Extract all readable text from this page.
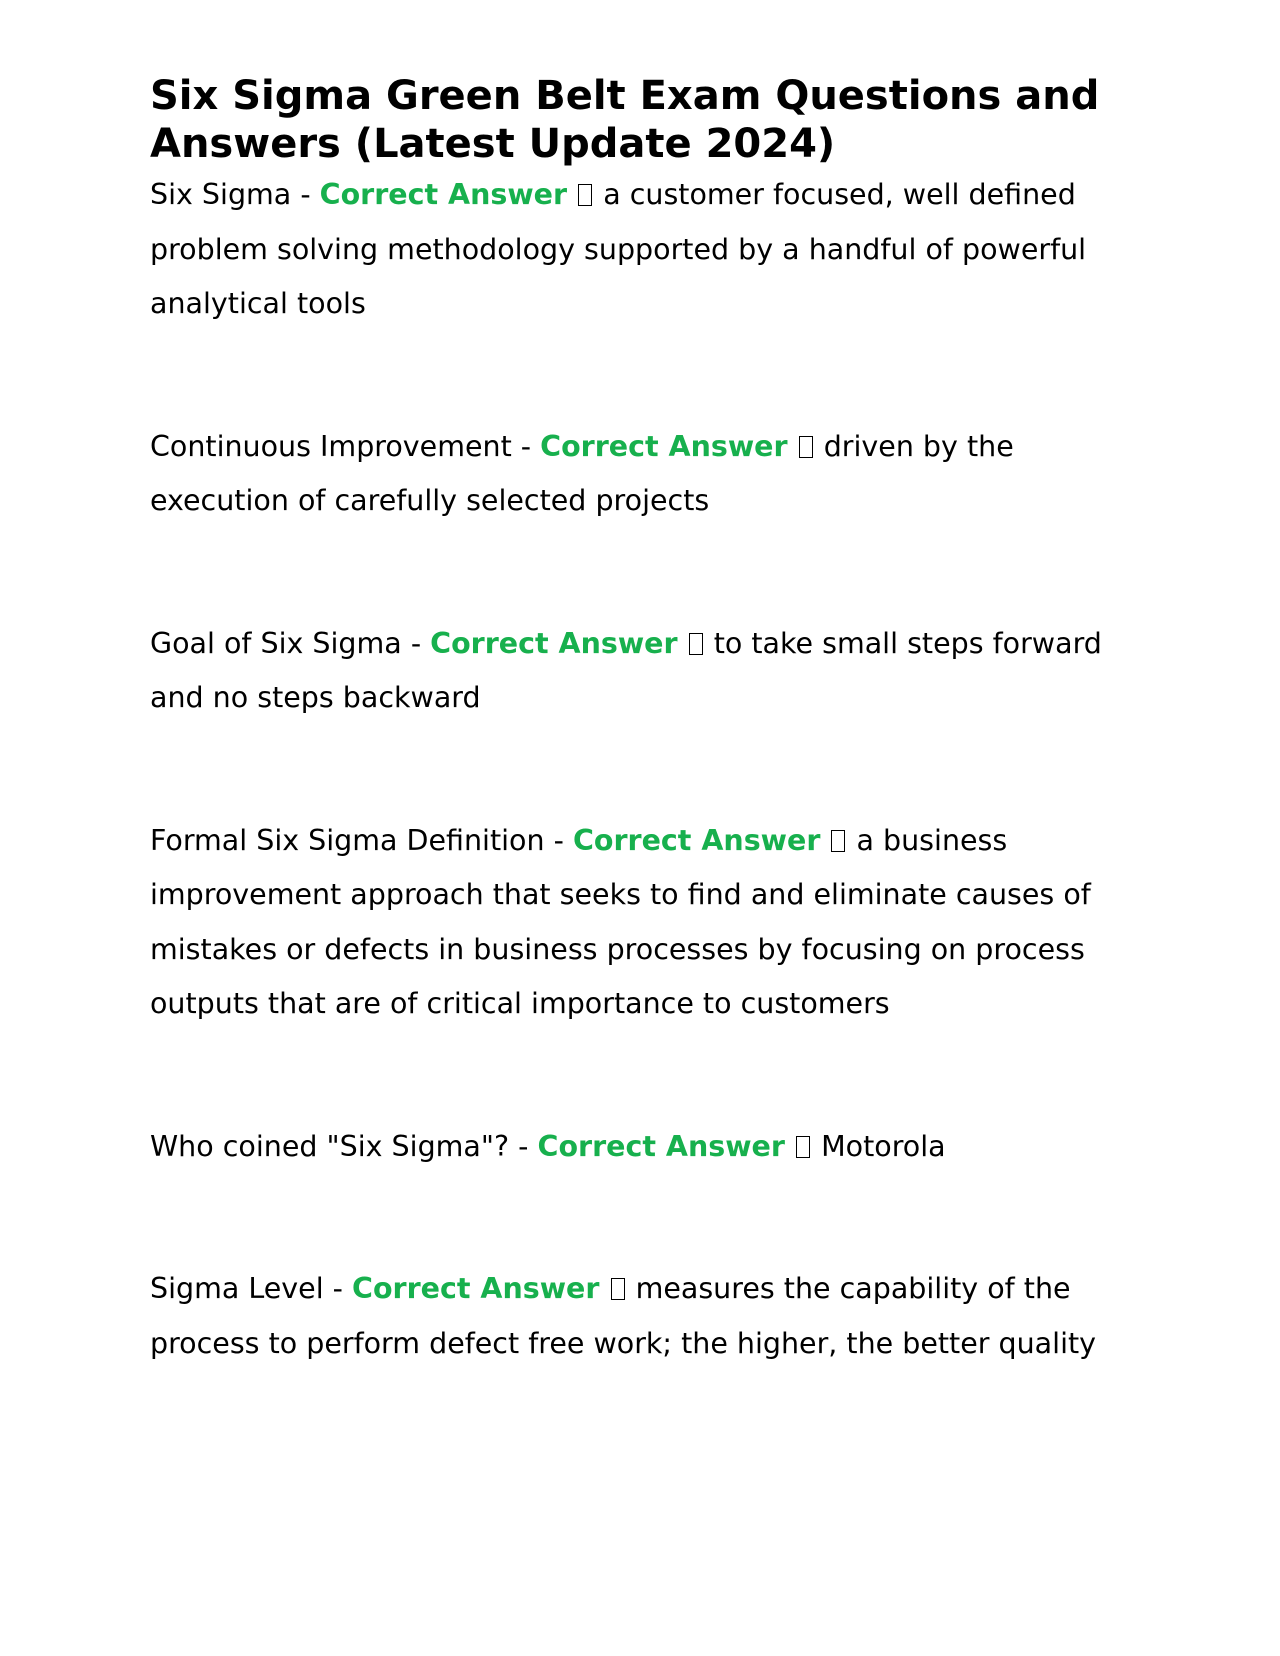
Six Sigma Green Belt Exam Questions and Answers (Latest Update 2024)

Six Sigma - Correct Answer a customer focused, well defined problem solving methodology supported by a handful of powerful analytical tools

Continuous Improvement - Correct Answer driven by the execution of carefully selected projects

Goal of Six Sigma - Correct Answer to take small steps forward and no steps backward

Formal Six Sigma Definition - Correct Answer a business improvement approach that seeks to find and eliminate causes of mistakes or defects in business processes by focusing on process outputs that are of critical importance to customers

Who coined "Six Sigma"? - Correct Answer Motorola

Sigma Level - Correct Answer measures the capability of the process to perform defect free work; the higher, the better quality
